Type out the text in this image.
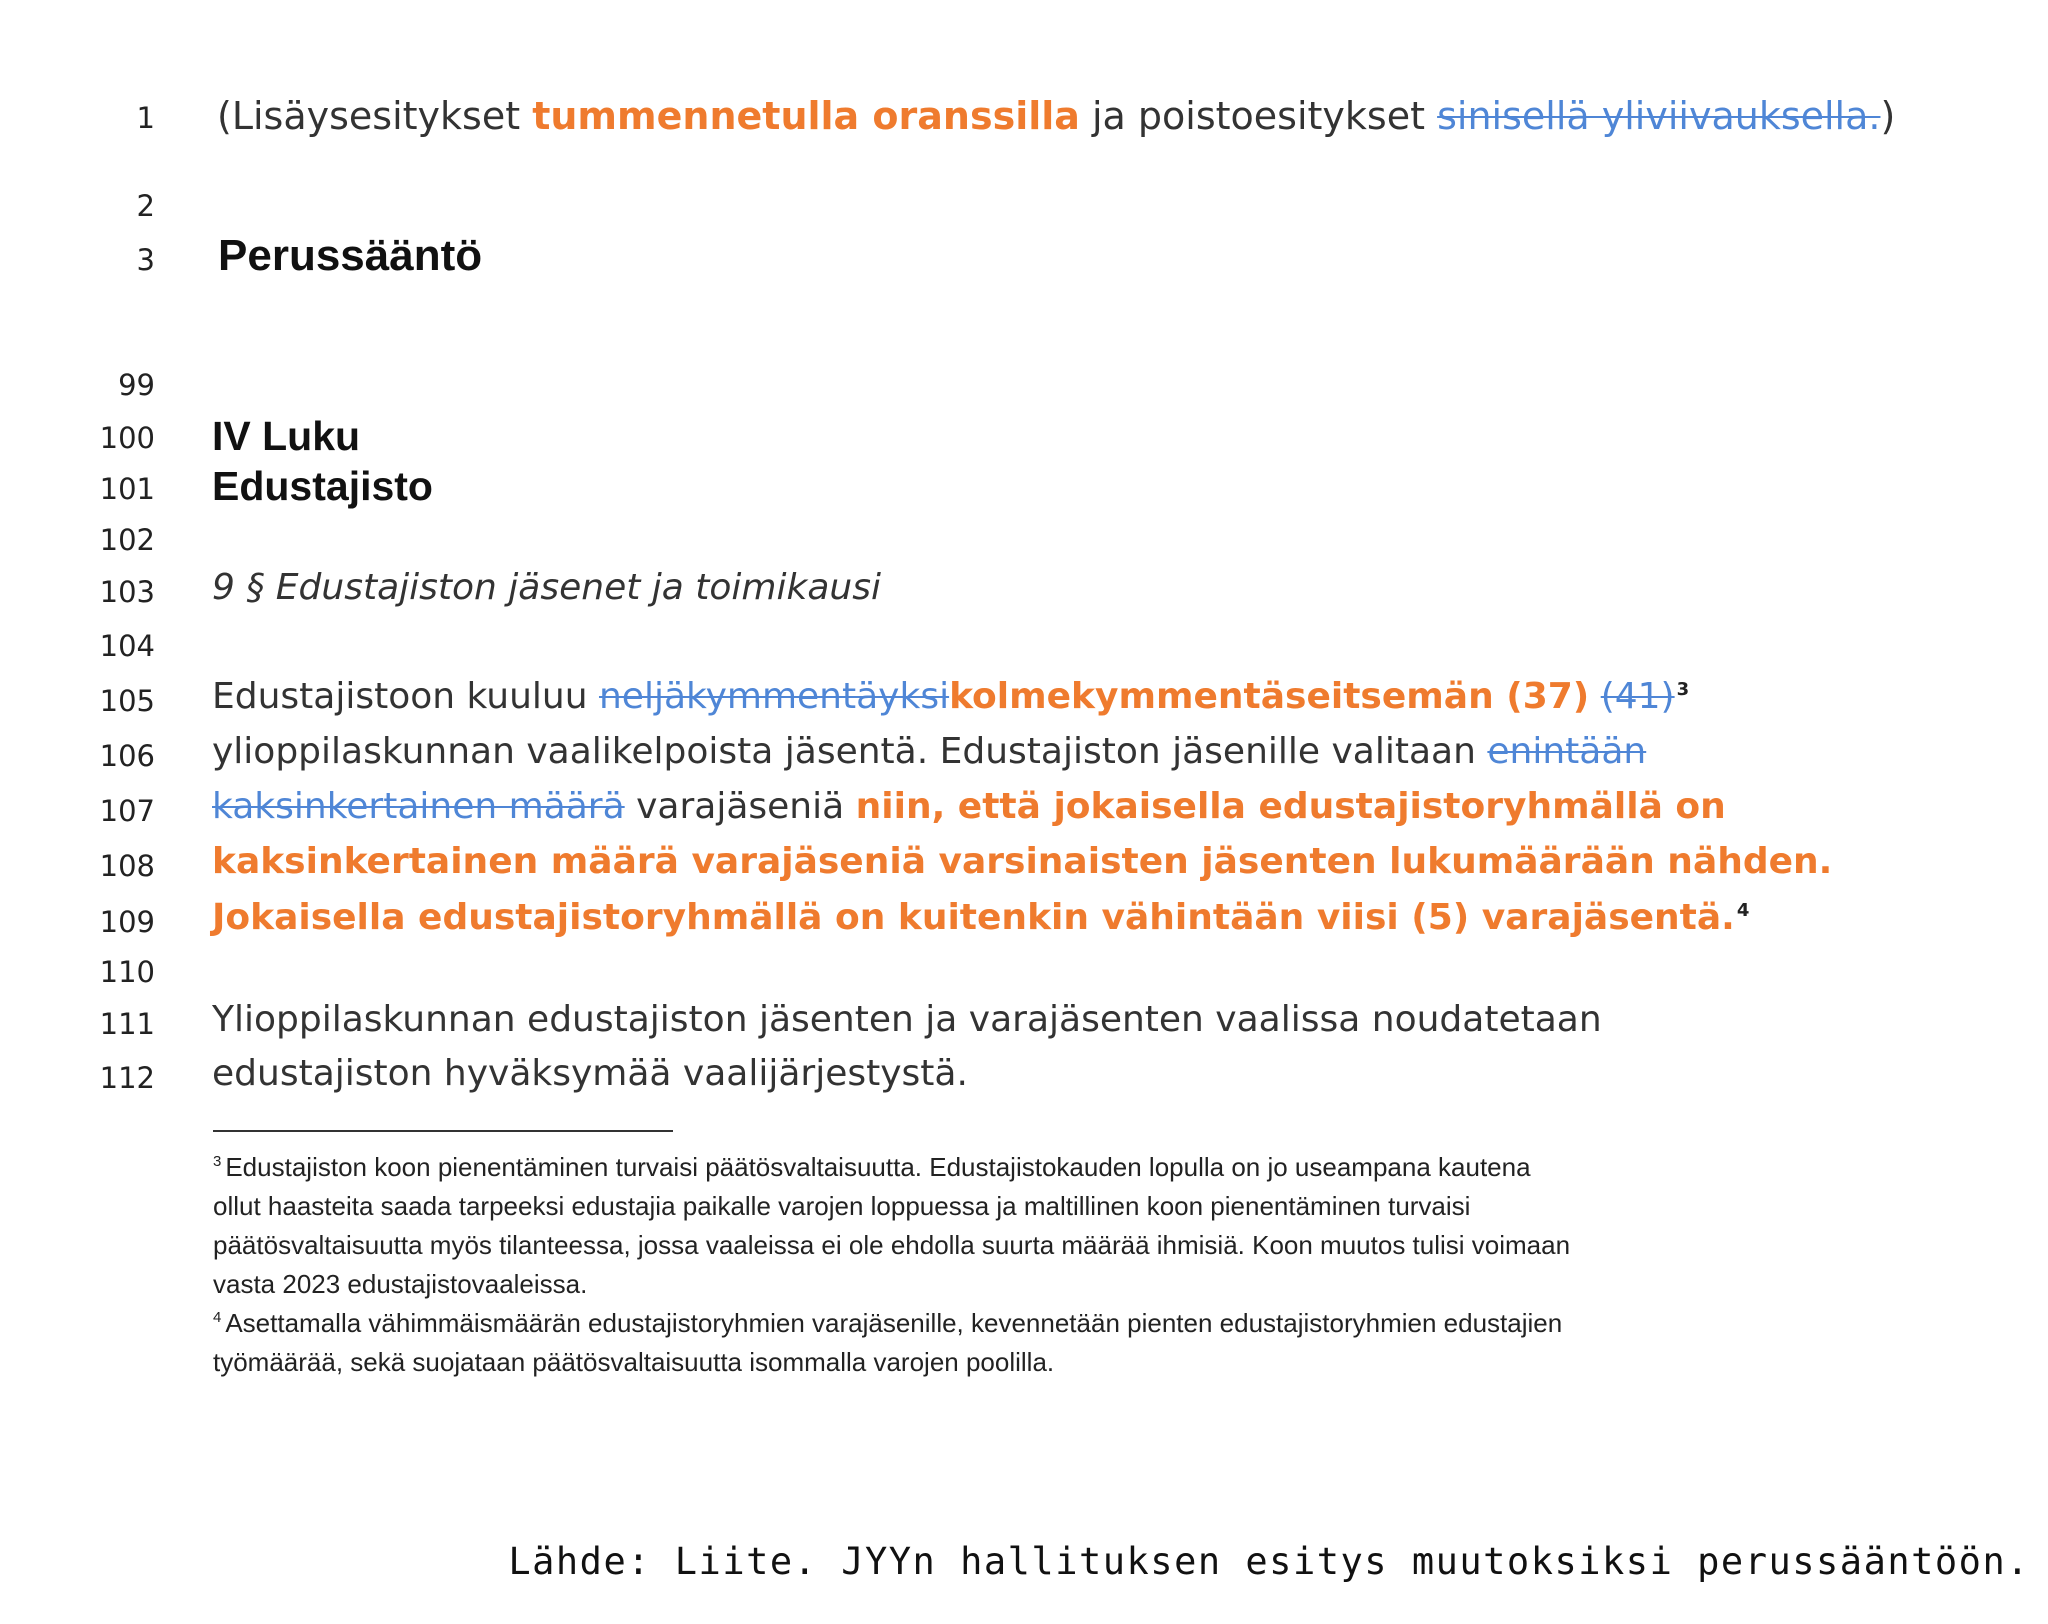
1
2
3
99
100
101
102
103
104
105
106
107
108
109
110
111
112
(Lisäysesitykset tummennetulla oranssilla ja poistoesitykset sinisellä yliviivauksella.)
Perussääntö
IV Luku
Edustajisto
9 § Edustajiston jäsenet ja toimikausi
Edustajistoon kuuluu neljäkymmentäyksikolmekymmentäseitsemän (37) (41) $^3$
ylioppilaskunnan vaalikelpoista jäsentä. Edustajiston jäsenille valitaan enintään
kaksinkertainen määrä varajäseniä niin, että jokaisella edustajistoryhmällä on
kaksinkertainen määrä varajäseniä varsinaisten jäsenten lukumäärään nähden.
Jokaisella edustajistoryhmällä on kuitenkin vähintään viisi (5) varajäsentä. $^4$
Ylioppilaskunnan edustajiston jäsenten ja varajäsenten vaalissa noudatetaan
edustajiston hyväksymää vaalijärjestystä.
$^3$ Edustajiston koon pienentäminen turvaisi päätösvaltaisuutta. Edustajistokauden lopulla on jo useampana kautena
ollut haasteita saada tarpeeksi edustajia paikalle varojen loppuessa ja maltillinen koon pienentäminen turvaisi
päätösvaltaisuutta myös tilanteessa, jossa vaaleissa ei ole ehdolla suurta määrää ihmisiä. Koon muutos tulisi voimaan
vasta 2023 edustajistovaaleissa.
$^4$ Asettamalla vähimmäismäärän edustajistoryhmien varajäsenille, kevennetään pienten edustajistoryhmien edustajien
työmäärää, sekä suojataan päätösvaltaisuutta isommalla varojen poolilla.
Lähde: Liite. JYYn hallituksen esitys muutoksiksi perussääntöön.
